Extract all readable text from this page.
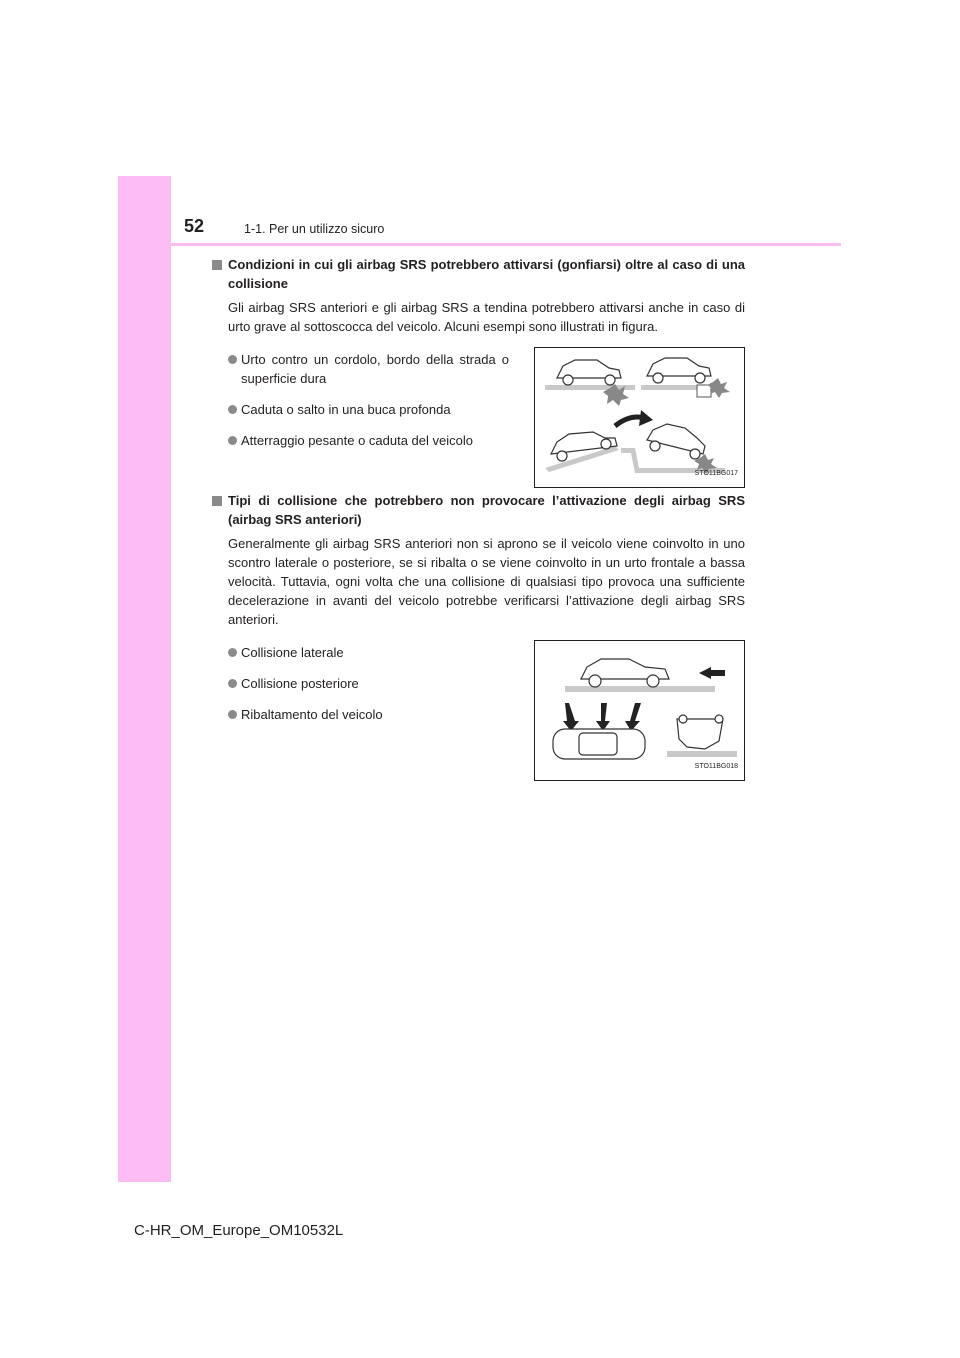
52	1-1. Per un utilizzo sicuro
Condizioni in cui gli airbag SRS potrebbero attivarsi (gonfiarsi) oltre al caso di una collisione
Gli airbag SRS anteriori e gli airbag SRS a tendina potrebbero attivarsi anche in caso di urto grave al sottoscocca del veicolo. Alcuni esempi sono illustrati in figura.
Urto contro un cordolo, bordo della strada o superficie dura
Caduta o salto in una buca profonda
Atterraggio pesante o caduta del veicolo
STO11BG017
Tipi di collisione che potrebbero non provocare l’attivazione degli airbag SRS (airbag SRS anteriori)
Generalmente gli airbag SRS anteriori non si aprono se il veicolo viene coinvolto in uno scontro laterale o posteriore, se si ribalta o se viene coinvolto in un urto frontale a bassa velocità. Tuttavia, ogni volta che una collisione di qualsiasi tipo provoca una sufficiente decelerazione in avanti del veicolo potrebbe verificarsi l’attivazione degli airbag SRS anteriori.
Collisione laterale
Collisione posteriore
Ribaltamento del veicolo
STO11BG018
C-HR_OM_Europe_OM10532L
